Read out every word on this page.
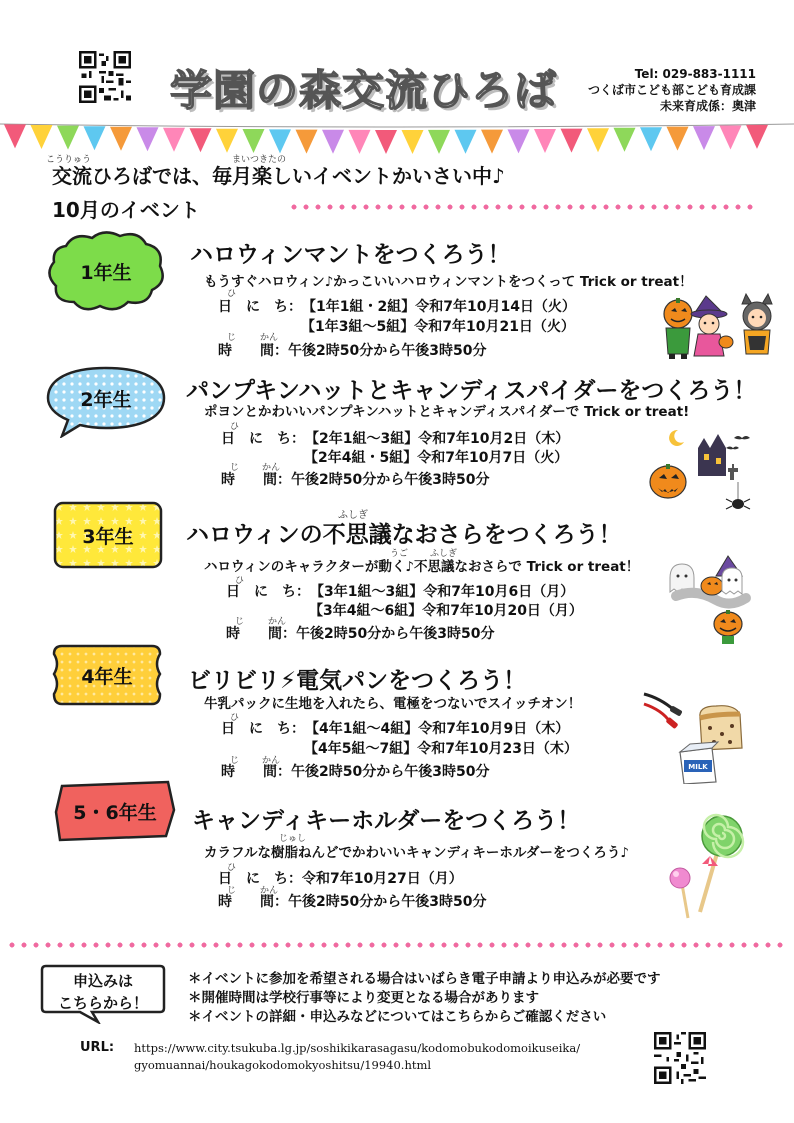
学園の森交流ひろば	Tel: 029-883-1111
つくば市こども部こども育成課
未来育成係：奥津
交流ひろばでは、毎月楽しいイベントかいさい中♪
こうりゅう	まいつきたの
10月のイベント
1年生
ハロウィンマントをつくろう！
もうすぐハロウィン♪かっこいいハロウィンマントをつくって Trick or treat！
ひ
日　に　ち：【1年1組・2組】令和7年10月14日（火）
【1年3組～5組】令和7年10月21日（火）
じ	かん
時　　間：午後2時50分から午後3時50分
2年生 パンプキンハットとキャンディスパイダーをつくろう！
ポヨンとかわいいパンプキンハットとキャンディスパイダーで Trick or treat!
ひ
日　に　ち：【2年1組～3組】令和7年10月2日（木）
【2年4組・5組】令和7年10月7日（火）
じ	かん
時　　間：午後2時50分から午後3時50分
3年生
ふしぎ
ハロウィンの不思議なおさらをつくろう！
うご ふしぎ
ハロウィンのキャラクターが動く♪不思議なおさらで Trick or treat！
ひ
日　に　ち：【3年1組～3組】令和7年10月6日（月）
【3年4組～6組】令和7年10月20日（月）
じ	かん
時　　間：午後2時50分から午後3時50分
4年生 ビリビリ⚡電気パンをつくろう！
牛乳パックに生地を入れたら、電極をつないでスイッチオン！
ひ
日　に　ち：【4年1組～4組】令和7年10月9日（木）
【4年5組～7組】令和7年10月23日（木）
じ	かん
時　　間：午後2時50分から午後3時50分	MILK
5・6年生 キャンディキーホルダーをつくろう！
じゅし
カラフルな樹脂ねんどでかわいいキャンディキーホルダーをつくろう♪
ひ
日　に　ち：令和7年10月27日（月）
じ	かん
時　　間：午後2時50分から午後3時50分
申込みは
こちらから！
＊イベントに参加を希望される場合はいばらき電子申請より申込みが必要です
＊開催時間は学校行事等により変更となる場合があります
＊イベントの詳細・申込みなどについてはこちらからご確認ください
URL: https://www.city.tsukuba.lg.jp/soshikikarasagasu/kodomobukodomoikuseika/
gyomuannai/houkagokodomokyoshitsu/19940.html
